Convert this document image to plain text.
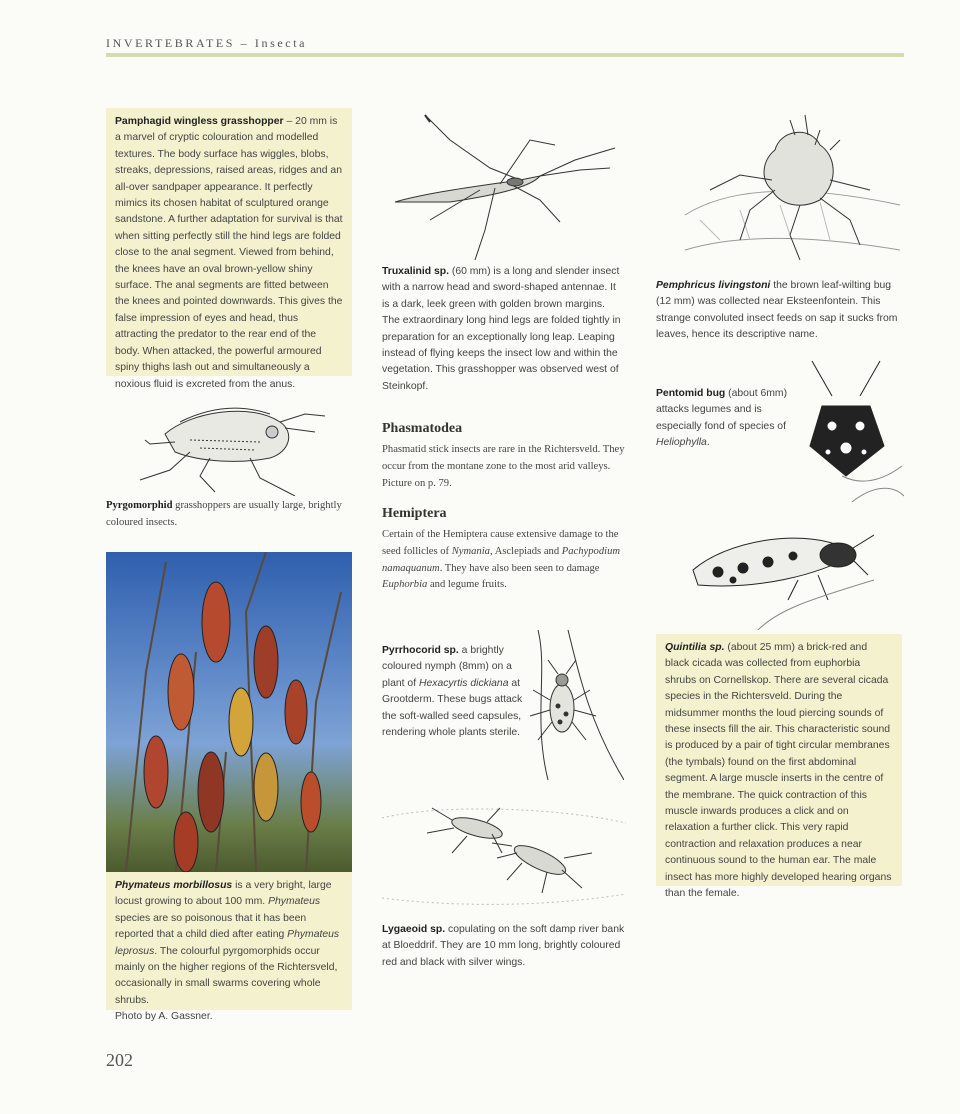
INVERTEBRATES – Insecta
Pamphagid wingless grasshopper – 20 mm is a marvel of cryptic colouration and modelled textures. The body surface has wiggles, blobs, streaks, depressions, raised areas, ridges and an all-over sandpaper appearance. It perfectly mimics its chosen habitat of sculptured orange sandstone. A further adaptation for survival is that when sitting perfectly still the hind legs are folded close to the anal segment. Viewed from behind, the knees have an oval brown-yellow shiny surface. The anal segments are fitted between the knees and pointed downwards. This gives the false impression of eyes and head, thus attracting the predator to the rear end of the body. When attacked, the powerful armoured spiny thighs lash out and simultaneously a noxious fluid is excreted from the anus.
Pyrgomorphid grasshoppers are usually large, brightly coloured insects.
Phymateus morbillosus is a very bright, large locust growing to about 100 mm. Phymateus species are so poisonous that it has been reported that a child died after eating Phymateus leprosus. The colourful pyrgomorphids occur mainly on the higher regions of the Richtersveld, occasionally in small swarms covering whole shrubs.
Photo by A. Gassner.
Truxalinid sp. (60 mm) is a long and slender insect with a narrow head and sword-shaped antennae. It is a dark, leek green with golden brown margins. The extraordinary long hind legs are folded tightly in preparation for an exceptionally long leap. Leaping instead of flying keeps the insect low and within the vegetation. This grasshopper was observed west of Steinkopf.
Phasmatodea
Phasmatid stick insects are rare in the Richtersveld. They occur from the montane zone to the most arid valleys. Picture on p. 79.
Hemiptera
Certain of the Hemiptera cause extensive damage to the seed follicles of Nymania, Asclepiads and Pachypodium namaquanum. They have also been seen to damage Euphorbia and legume fruits.
Pyrrhocorid sp. a brightly coloured nymph (8mm) on a plant of Hexacyrtis dickiana at Grootderm. These bugs attack the soft-walled seed capsules, rendering whole plants sterile.
Lygaeoid sp. copulating on the soft damp river bank at Bloeddrif. They are 10 mm long, brightly coloured red and black with silver wings.
Pemphricus livingstoni the brown leaf-wilting bug (12 mm) was collected near Eksteenfontein. This strange convoluted insect feeds on sap it sucks from leaves, hence its descriptive name.
Pentomid bug (about 6mm) attacks legumes and is especially fond of species of Heliophylla.
Quintilia sp. (about 25 mm) a brick-red and black cicada was collected from euphorbia shrubs on Cornellskop. There are several cicada species in the Richtersveld. During the midsummer months the loud piercing sounds of these insects fill the air. This characteristic sound is produced by a pair of tight circular membranes (the tymbals) found on the first abdominal segment. A large muscle inserts in the centre of the membrane. The quick contraction of this muscle inwards produces a click and on relaxation a further click. This very rapid contraction and relaxation produces a near continuous sound to the human ear. The male insect has more highly developed hearing organs than the female.
202
